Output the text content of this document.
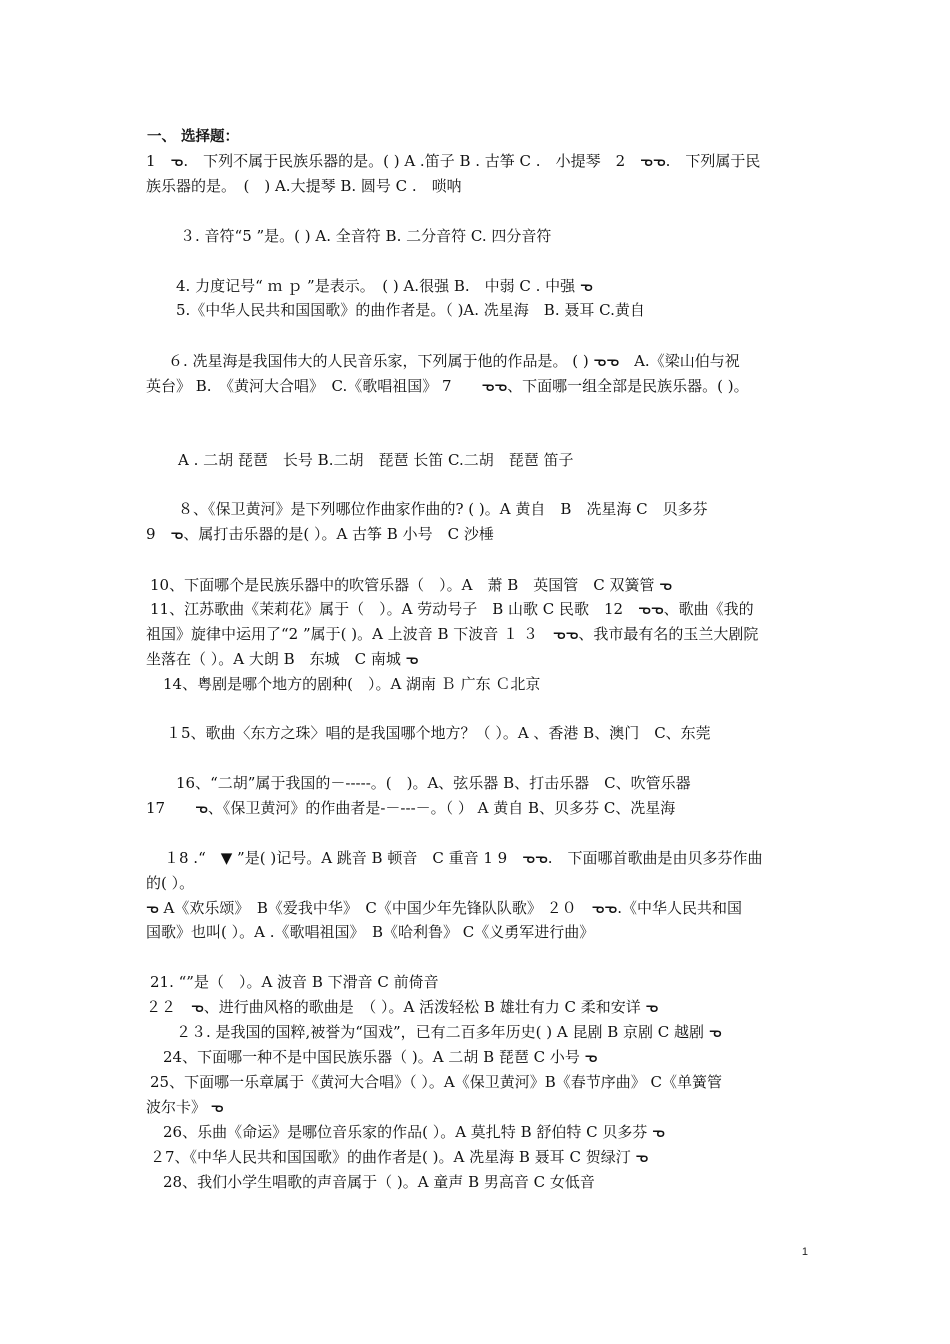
一、 选择题：
1　ᓀ.　下列不属于民族乐器的是。( ) A .笛子 B . 古筝 C .　小提琴　2　ᓀᓀ.　下列属于民
族乐器的是。　(　) A.大提琴 B. 圆号 C .　唢呐
３. 音符“5 ”是。( ) A. 全音符 B. 二分音符 C. 四分音符
4. 力度记号“ ｍ ｐ ”是表示。　( ) A.很强 B.　中弱 C . 中强 ᓀ
5.《中华人民共和国国歌》的曲作者是。（ )A. 冼星海　B. 聂耳 C.黄自
６. 冼星海是我国伟大的人民音乐家，下列属于他的作品是。 ( ) ᓀᓀ　A.《梁山伯与祝
英台》 B.　《黄河大合唱》　C.《歌唱祖国》 7　　ᓀᓀ、下面哪一组全部是民族乐器。( )。
A . 二胡 琵琶　长号 B.二胡　琵琶 长笛 C.二胡　琵琶 笛子
８、《保卫黄河》是下列哪位作曲家作曲的? ( )。A 黄自　B　冼星海 C　贝多芬
9　ᓀ、属打击乐器的是( ）。A 古筝 B 小号　C 沙棰
10、下面哪个是民族乐器中的吹管乐器（　）。A　萧 B　英国管　C 双簧管 ᓀ
11、江苏歌曲《茉莉花》属于（　）。A 劳动号子　B 山歌 C 民歌　12　ᓀᓀ、歌曲《我的
祖国》旋律中运用了“2 ”属于( )。A 上波音 B 下波音 １ ３　ᓀᓀ、我市最有名的玉兰大剧院
坐落在（ ）。A 大朗 B　东城　C 南城 ᓀ
14、粤剧是哪个地方的剧种(　）。A 湖南 Ｂ 广东 Ｃ北京
１5、歌曲〈东方之珠〉唱的是我国哪个地方？（ ）。A 、香港 B、澳门　C、东莞
16、“二胡”属于我国的－-----。(　)。A、弦乐器 B、打击乐器　C、吹管乐器
17　　ᓀ、《保卫黄河》的作曲者是-－---－。（ ） A 黄自 B、贝多芬 C、冼星海
１8 .“　▼ ”是( )记号。A 跳音 B 顿音　C 重音 1 9　ᓀᓀ.　下面哪首歌曲是由贝多芬作曲
的( ）。
ᓀ A《欢乐颂》　B《爱我中华》　C《中国少年先锋队队歌》 ２０　ᓀᓀ.《中华人民共和国
国歌》也叫( ）。A .《歌唱祖国》　B《哈利鲁》 C《义勇军进行曲》
21. “”是（　）。A 波音 B 下滑音 C 前倚音
２２　ᓀ、进行曲风格的歌曲是　（ ）。A 活泼轻松 B 雄壮有力 C 柔和安详 ᓀ
２３. 是我国的国粹,被誉为“国戏”，已有二百多年历史( ) A 昆剧 B 京剧 C 越剧 ᓀ
24、下面哪一种不是中国民族乐器（ )。A 二胡 B 琵琶 C 小号 ᓀ
25、下面哪一乐章属于《黄河大合唱》（ ）。A《保卫黄河》B《春节序曲》 C《单簧管
波尔卡》 ᓀ
26、乐曲《命运》是哪位音乐家的作品( ）。A 莫扎特 B 舒伯特 C 贝多芬 ᓀ
２7、《中华人民共和国国歌》的曲作者是( )。A 冼星海 B 聂耳 C 贺绿汀 ᓀ
28、我们小学生唱歌的声音属于（ )。A 童声 B 男高音 C 女低音
1
